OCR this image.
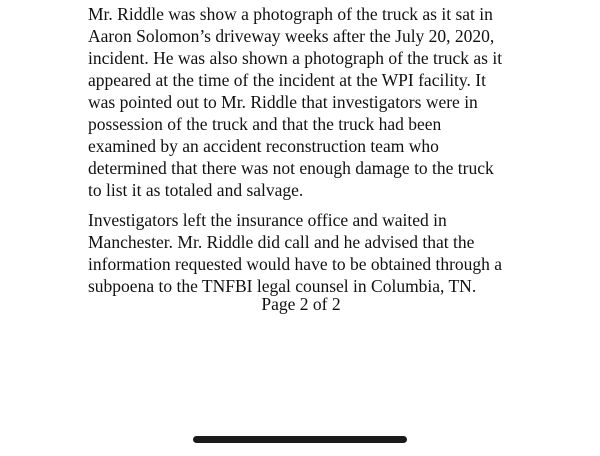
Mr. Riddle was show a photograph of the truck as it sat in
Aaron Solomon’s driveway weeks after the July 20, 2020,
incident. He was also shown a photograph of the truck as it
appeared at the time of the incident at the WPI facility. It
was pointed out to Mr. Riddle that investigators were in
possession of the truck and that the truck had been
examined by an accident reconstruction team who
determined that there was not enough damage to the truck
to list it as totaled and salvage.
Investigators left the insurance office and waited in
Manchester. Mr. Riddle did call and he advised that the
information requested would have to be obtained through a
subpoena to the TNFBI legal counsel in Columbia, TN.
Page 2 of 2
